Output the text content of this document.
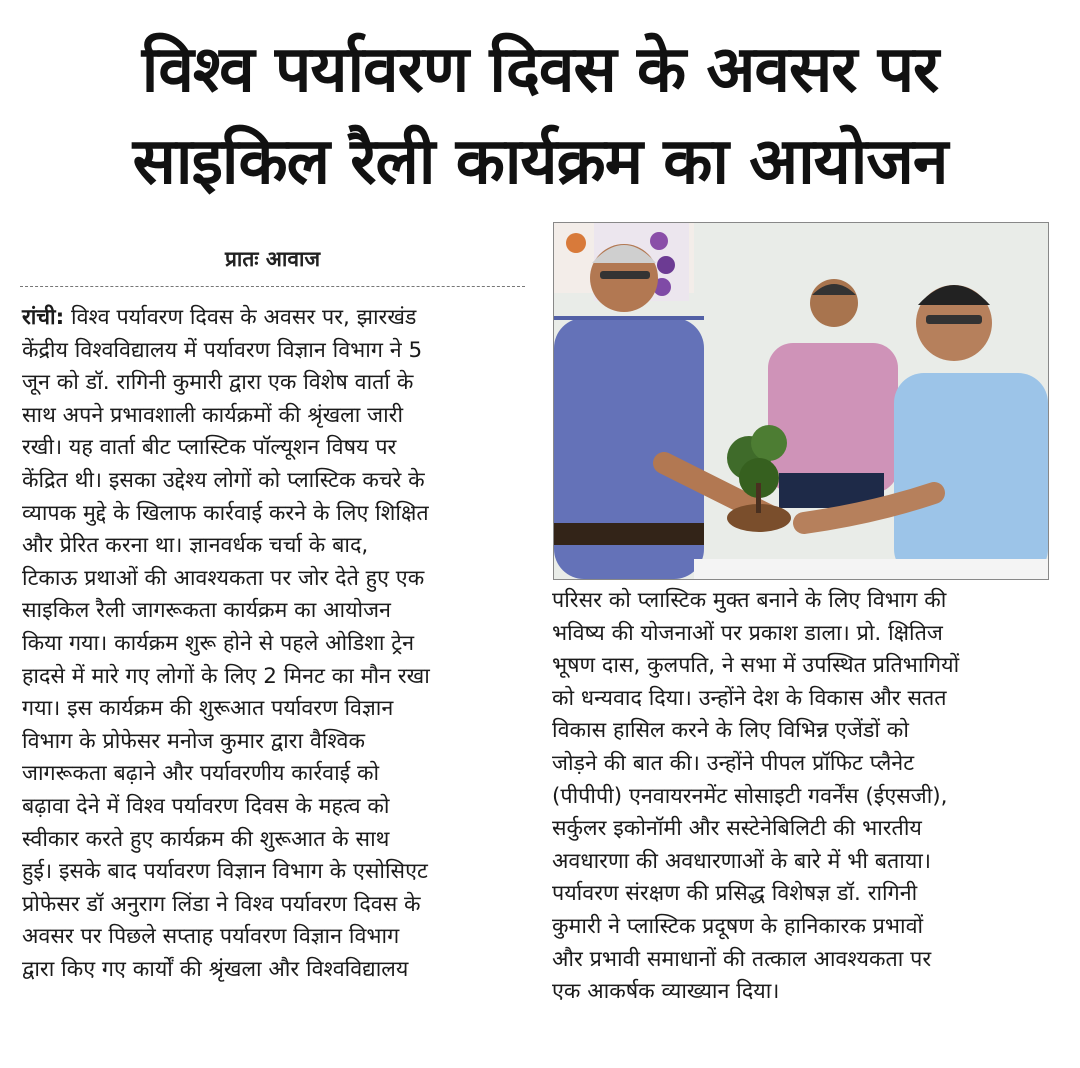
विश्व पर्यावरण दिवस के अवसर पर
साइकिल रैली कार्यक्रम का आयोजन
प्रातः आवाज
रांची: विश्व पर्यावरण दिवस के अवसर पर, झारखंड
केंद्रीय विश्वविद्यालय में पर्यावरण विज्ञान विभाग ने 5
जून को डॉ. रागिनी कुमारी द्वारा एक विशेष वार्ता के
साथ अपने प्रभावशाली कार्यक्रमों की श्रृंखला जारी
रखी। यह वार्ता बीट प्लास्टिक पॉल्यूशन विषय पर
केंद्रित थी। इसका उद्देश्य लोगों को प्लास्टिक कचरे के
व्यापक मुद्दे के खिलाफ कार्रवाई करने के लिए शिक्षित
और प्रेरित करना था। ज्ञानवर्धक चर्चा के बाद,
टिकाऊ प्रथाओं की आवश्यकता पर जोर देते हुए एक
साइकिल रैली जागरूकता कार्यक्रम का आयोजन
किया गया। कार्यक्रम शुरू होने से पहले ओडिशा ट्रेन
हादसे में मारे गए लोगों के लिए 2 मिनट का मौन रखा
गया। इस कार्यक्रम की शुरूआत पर्यावरण विज्ञान
विभाग के प्रोफेसर मनोज कुमार द्वारा वैश्विक
जागरूकता बढ़ाने और पर्यावरणीय कार्रवाई को
बढ़ावा देने में विश्व पर्यावरण दिवस के महत्व को
स्वीकार करते हुए कार्यक्रम की शुरूआत के साथ
हुई। इसके बाद पर्यावरण विज्ञान विभाग के एसोसिएट
प्रोफेसर डॉ अनुराग लिंडा ने विश्व पर्यावरण दिवस के
अवसर पर पिछले सप्ताह पर्यावरण विज्ञान विभाग
द्वारा किए गए कार्यों की श्रृंखला और विश्वविद्यालय
परिसर को प्लास्टिक मुक्त बनाने के लिए विभाग की
भविष्य की योजनाओं पर प्रकाश डाला। प्रो. क्षितिज
भूषण दास, कुलपति, ने सभा में उपस्थित प्रतिभागियों
को धन्यवाद दिया। उन्होंने देश के विकास और सतत
विकास हासिल करने के लिए विभिन्न एजेंडों को
जोड़ने की बात की। उन्होंने पीपल प्रॉफिट प्लैनेट
(पीपीपी) एनवायरनमेंट सोसाइटी गवर्नेंस (ईएसजी),
सर्कुलर इकोनॉमी और सस्टेनेबिलिटी की भारतीय
अवधारणा की अवधारणाओं के बारे में भी बताया।
पर्यावरण संरक्षण की प्रसिद्ध विशेषज्ञ डॉ. रागिनी
कुमारी ने प्लास्टिक प्रदूषण के हानिकारक प्रभावों
और प्रभावी समाधानों की तत्काल आवश्यकता पर
एक आकर्षक व्याख्यान दिया।
